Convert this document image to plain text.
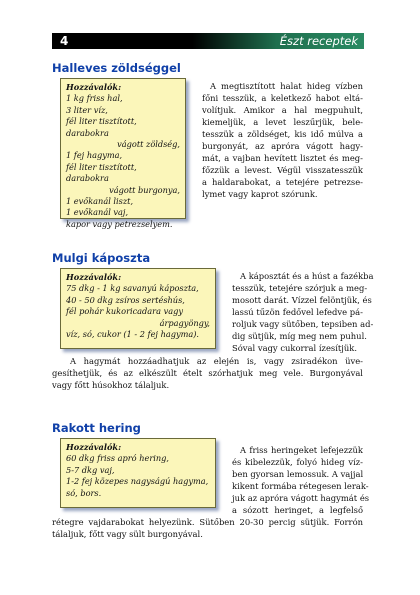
4	Észt receptek
Halleves zöldséggel
Hozzávalók:
1 kg friss hal,
3 liter víz,
fél liter tisztított, darabokra
vágott zöldség,
1 fej hagyma,
fél liter tisztított, darabokra
vágott burgonya,
1 evőkanál liszt,
1 evőkanál vaj,
kapor vagy petrezselyem.
A megtisztított halat hideg vízben
főni tesszük, a keletkező habot eltá-
volítjuk. Amikor a hal megpuhult,
kiemeljük, a levet leszűrjük, bele-
tesszük a zöldséget, kis idő múlva a
burgonyát, az apróra vágott hagy-
mát, a vajban hevített lisztet és meg-
főzzük a levest. Végül visszatesszük
a haldarabokat, a tetejére petrezse-
lymet vagy kaprot szórunk.
Mulgi káposzta
Hozzávalók:
75 dkg - 1 kg savanyú káposzta,
40 - 50 dkg zsíros sertéshús,
fél pohár kukoricadara vagy
árpagyöngy,
víz, só, cukor (1 - 2 fej hagyma).
A káposztát és a húst a fazékba
tesszük, tetejére szórjuk a meg-
mosott darát. Vízzel felöntjük, és
lassú tűzön fedővel lefedve pá-
roljuk vagy sütőben, tepsiben ad-
dig sütjük, míg meg nem puhul.
Sóval vagy cukorral ízesítjük.
A hagymát hozzáadhatjuk az elején is, vagy zsiradékon üve-
gesíthetjük, és az elkészült ételt szórhatjuk meg vele. Burgonyával
vagy főtt húsokhoz tálaljuk.
Rakott hering
Hozzávalók:
60 dkg friss apró hering,
5-7 dkg vaj,
1-2 fej közepes nagyságú hagyma,
só, bors.
A friss heringeket lefejezzük
és kibelezzük, folyó hideg víz-
ben gyorsan lemossuk. A vajjal
kikent formába rétegesen lerak-
juk az apróra vágott hagymát és
a sózott heringet, a legfelső
rétegre vajdarabokat helyezünk. Sütőben 20-30 percig sütjük. Forrón
tálaljuk, főtt vagy sült burgonyával.
